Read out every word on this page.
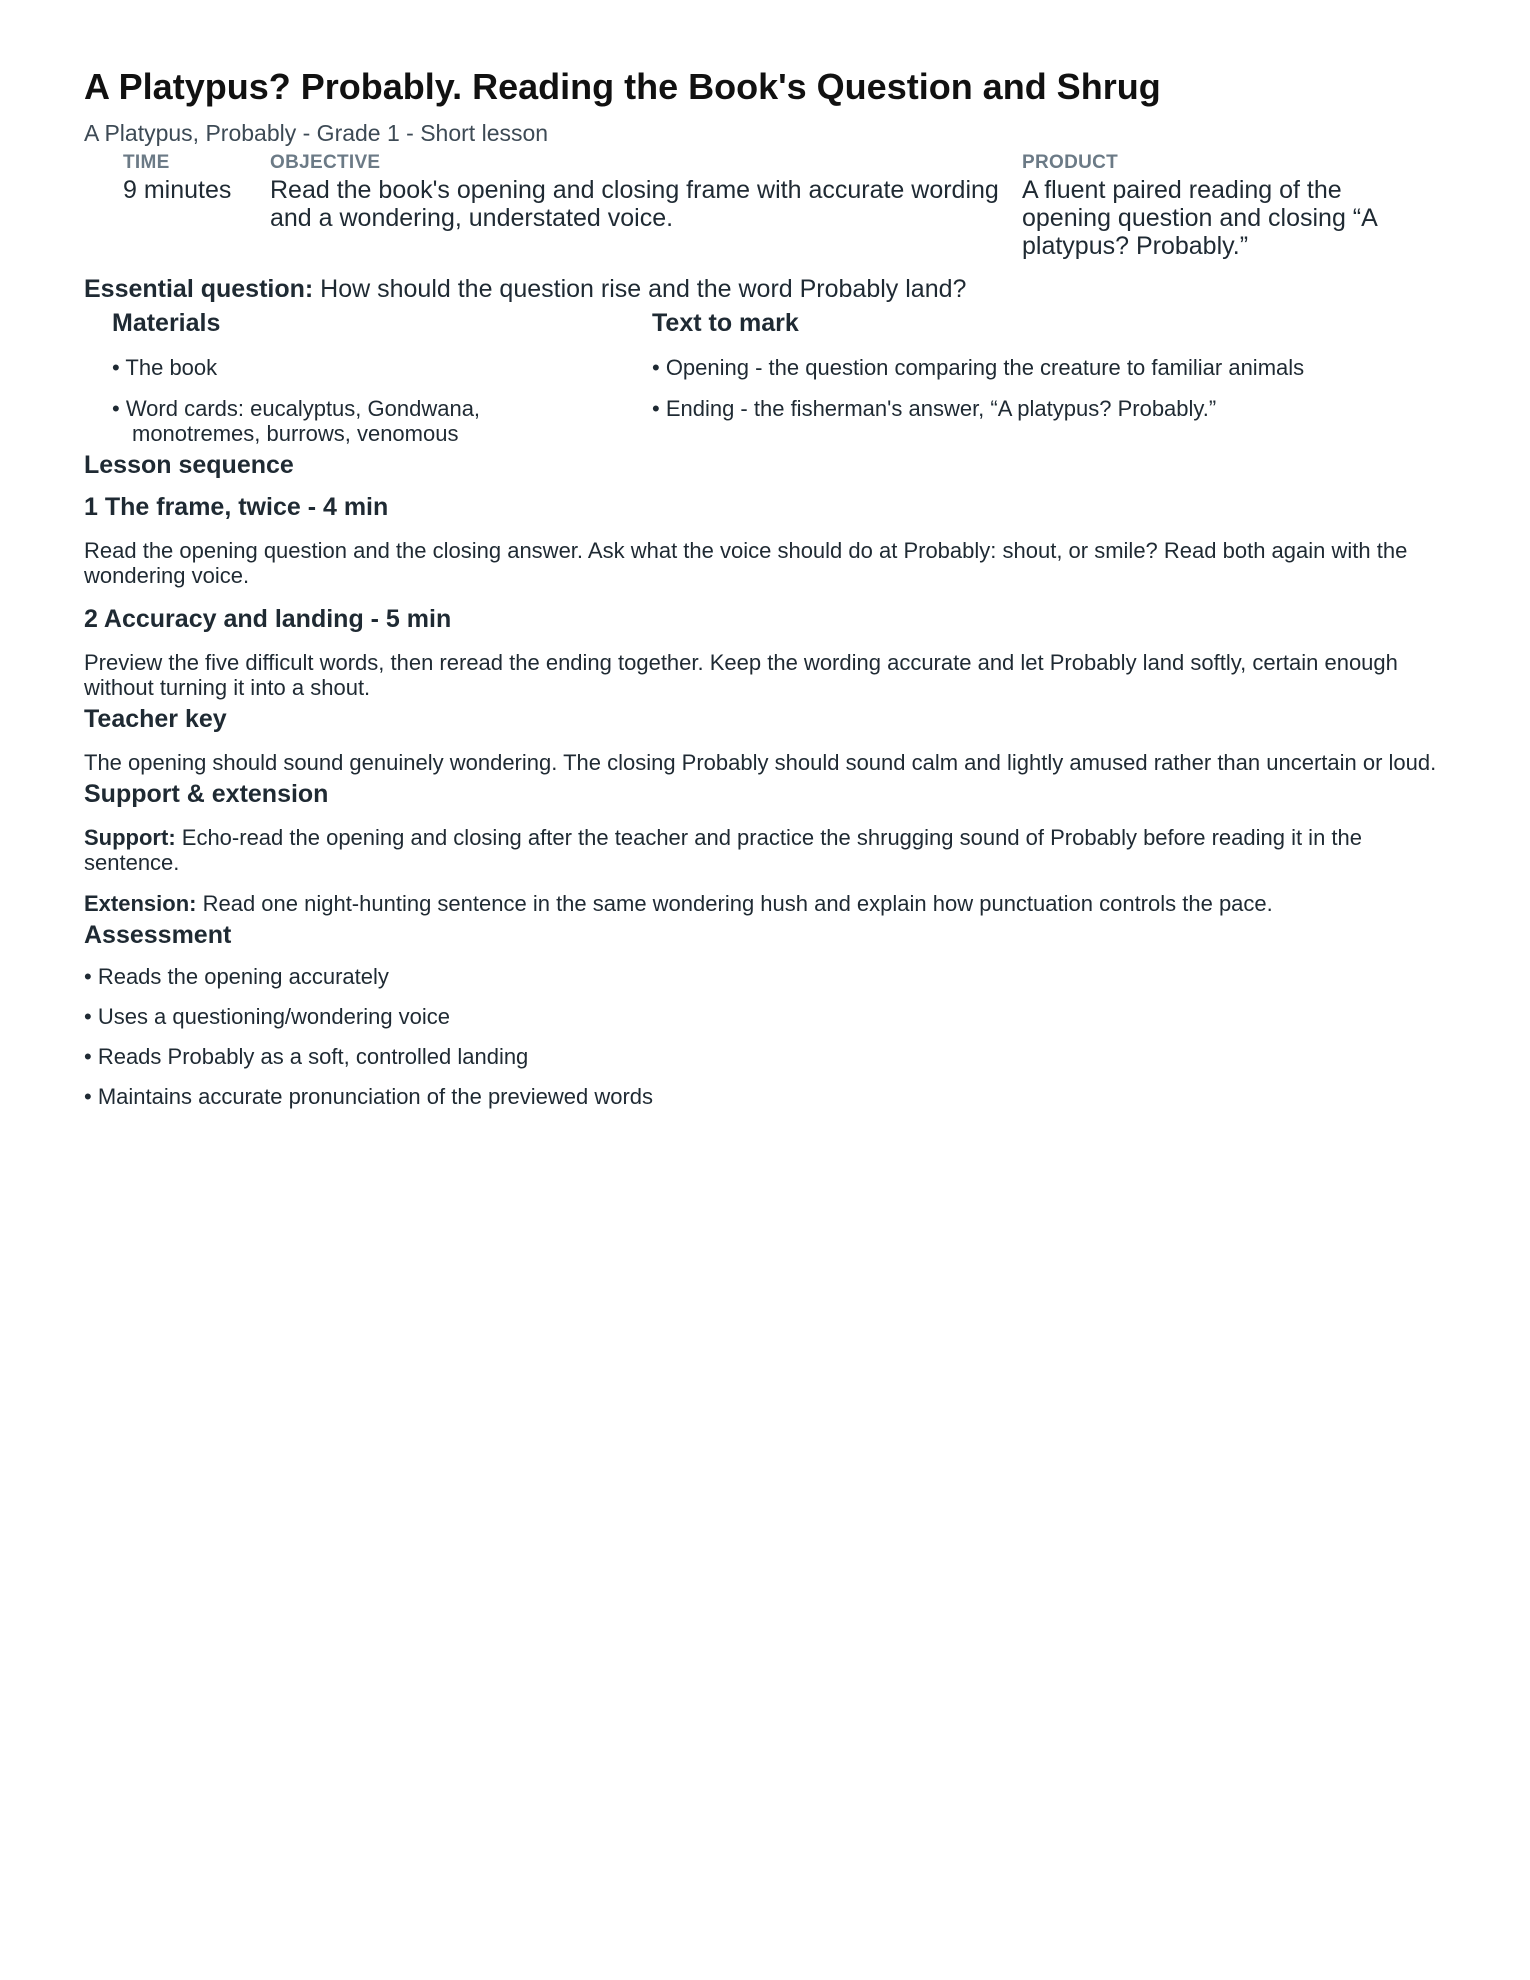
A Platypus? Probably. Reading the Book's Question and Shrug
A Platypus, Probably - Grade 1 - Short lesson
TIME
9 minutes
OBJECTIVE
Read the book's opening and closing frame with accurate wording and a wondering, understated voice.
PRODUCT
A fluent paired reading of the opening question and closing “A platypus? Probably.”
Essential question: How should the question rise and the word Probably land?
Materials
• The book
• Word cards: eucalyptus, Gondwana,
monotremes, burrows, venomous
Text to mark
• Opening - the question comparing the creature to familiar animals
• Ending - the fisherman's answer, “A platypus? Probably.”
Lesson sequence
1 The frame, twice - 4 min
Read the opening question and the closing answer. Ask what the voice should do at Probably: shout, or smile? Read both again with the wondering voice.
2 Accuracy and landing - 5 min
Preview the five difficult words, then reread the ending together. Keep the wording accurate and let Probably land softly, certain enough without turning it into a shout.
Teacher key
The opening should sound genuinely wondering. The closing Probably should sound calm and lightly amused rather than uncertain or loud.
Support & extension
Support: Echo-read the opening and closing after the teacher and practice the shrugging sound of Probably before reading it in the sentence.
Extension: Read one night-hunting sentence in the same wondering hush and explain how punctuation controls the pace.
Assessment
• Reads the opening accurately
• Uses a questioning/wondering voice
• Reads Probably as a soft, controlled landing
• Maintains accurate pronunciation of the previewed words
